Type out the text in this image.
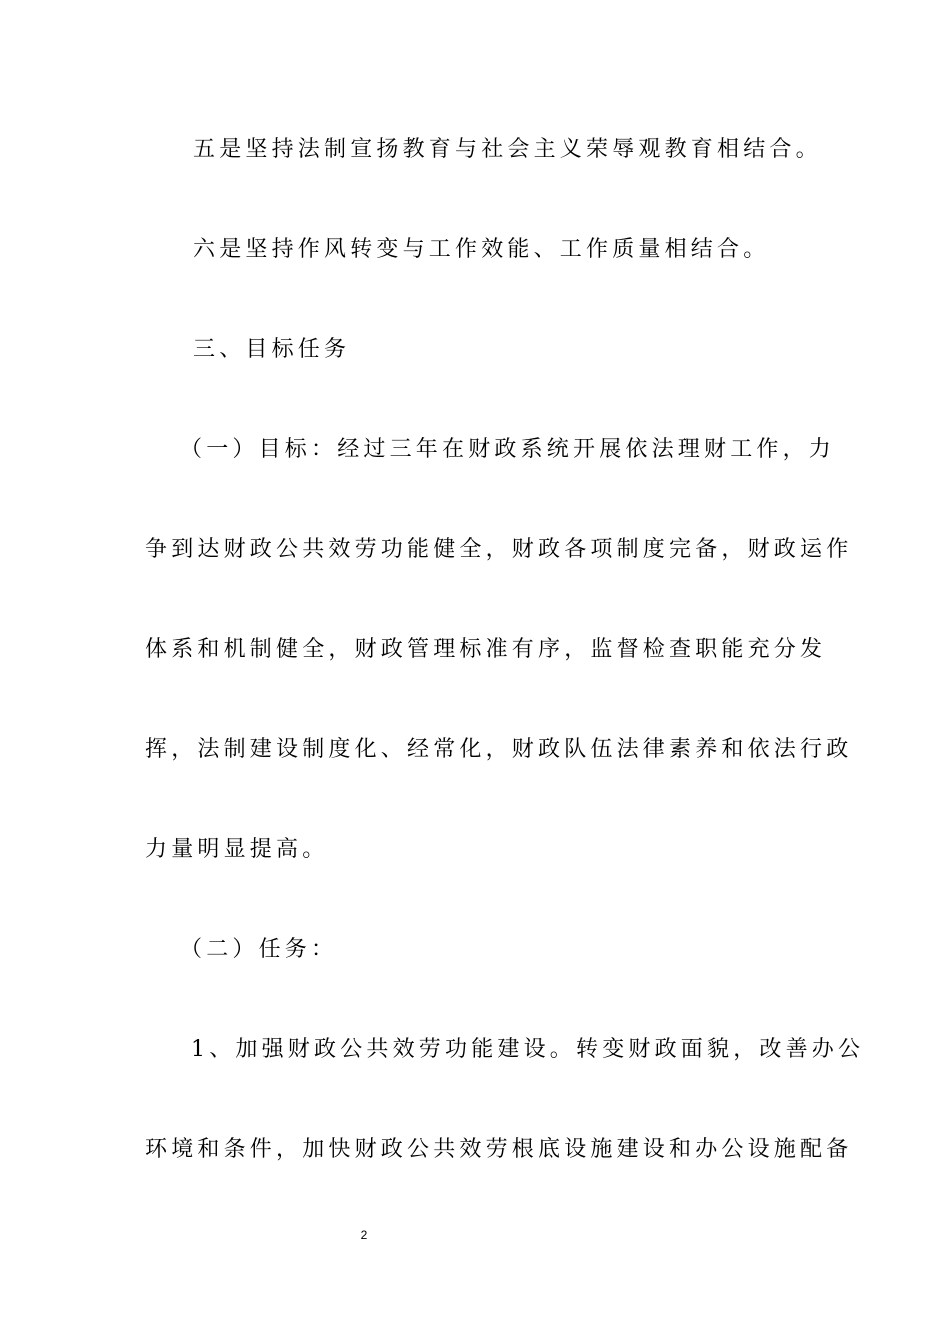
五是坚持法制宣扬教育与社会主义荣辱观教育相结合。
六是坚持作风转变与工作效能、工作质量相结合。
三、目标任务
（一）目标：经过三年在财政系统开展依法理财工作，力
争到达财政公共效劳功能健全，财政各项制度完备，财政运作
体系和机制健全，财政管理标准有序，监督检查职能充分发
挥，法制建设制度化、经常化，财政队伍法律素养和依法行政
力量明显提高。
（二）任务：
1、加强财政公共效劳功能建设。转变财政面貌，改善办公
环境和条件，加快财政公共效劳根底设施建设和办公设施配备
2
